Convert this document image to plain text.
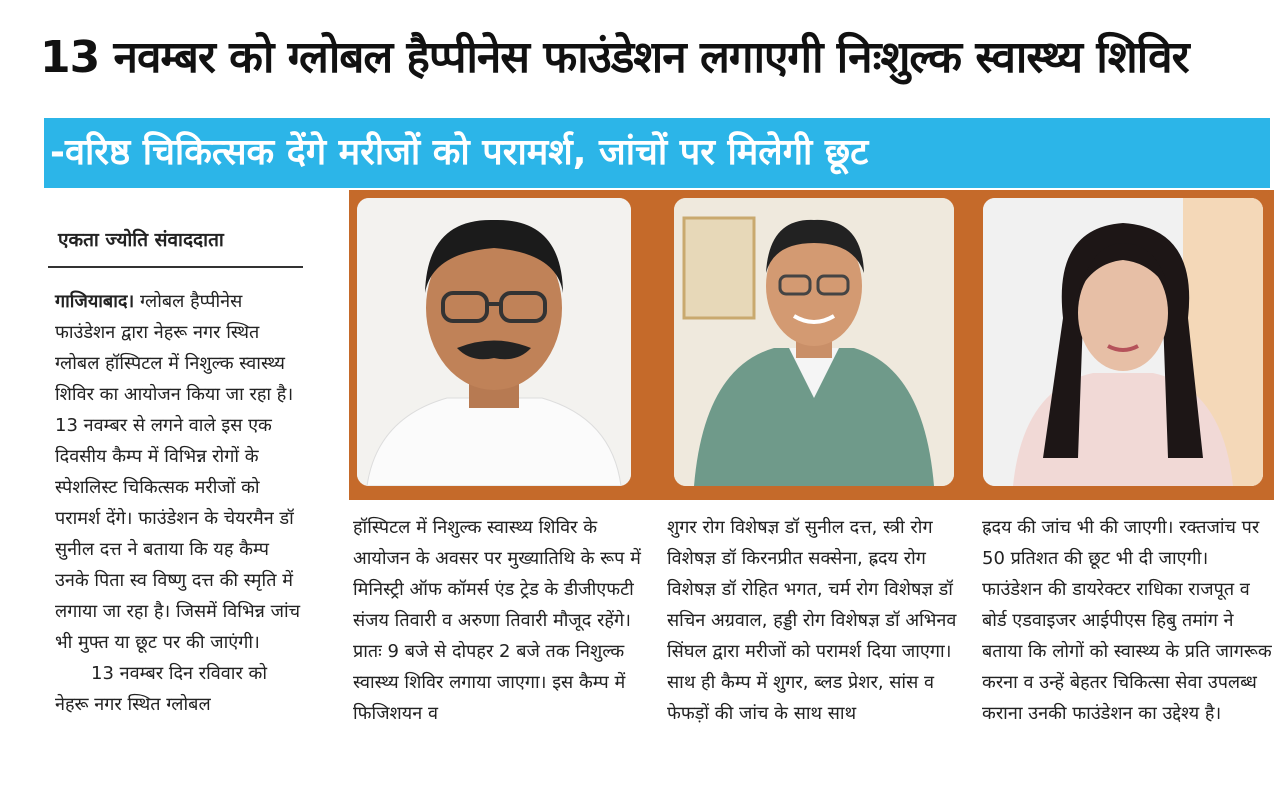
13 नवम्बर को ग्लोबल हैप्पीनेस फाउंडेशन लगाएगी निःशुल्क स्वास्थ्य शिविर
-वरिष्ठ चिकित्सक देंगे मरीजों को परामर्श, जांचों पर मिलेगी छूट
एकता ज्योति संवाददाता

गाजियाबाद। ग्लोबल हैप्पीनेस फाउंडेशन द्वारा नेहरू नगर स्थित ग्लोबल हॉस्पिटल में निशुल्क स्वास्थ्य शिविर का आयोजन किया जा रहा है। 13 नवम्बर से लगने वाले इस एक दिवसीय कैम्प में विभिन्न रोगों के स्पेशलिस्ट चिकित्सक मरीजों को परामर्श देंगे। फाउंडेशन के चेयरमैन डॉ सुनील दत्त ने बताया कि यह कैम्प उनके पिता स्व विष्णु दत्त की स्मृति में लगाया जा रहा है। जिसमें विभिन्न जांच भी मुफ्त या छूट पर की जाएंगी।

13 नवम्बर दिन रविवार को नेहरू नगर स्थित ग्लोबल

हॉस्पिटल में निशुल्क स्वास्थ्य शिविर के आयोजन के अवसर पर मुख्यातिथि के रूप में मिनिस्ट्री ऑफ कॉमर्स एंड ट्रेड के डीजीएफटी संजय तिवारी व अरुणा तिवारी मौजूद रहेंगे। प्रातः 9 बजे से दोपहर 2 बजे तक निशुल्क स्वास्थ्य शिविर लगाया जाएगा। इस कैम्प में फिजिशयन व

शुगर रोग विशेषज्ञ डॉ सुनील दत्त, स्त्री रोग विशेषज्ञ डॉ किरनप्रीत सक्सेना, ह्रदय रोग विशेषज्ञ डॉ रोहित भगत, चर्म रोग विशेषज्ञ डॉ सचिन अग्रवाल, हड्डी रोग विशेषज्ञ डॉ अभिनव सिंघल द्वारा मरीजों को परामर्श दिया जाएगा। साथ ही कैम्प में शुगर, ब्लड प्रेशर, सांस व फेफड़ों की जांच के साथ साथ

ह्रदय की जांच भी की जाएगी। रक्तजांच पर 50 प्रतिशत की छूट भी दी जाएगी। फाउंडेशन की डायरेक्टर राधिका राजपूत व बोर्ड एडवाइजर आईपीएस हिबु तमांग ने बताया कि लोगों को स्वास्थ्य के प्रति जागरूक करना व उन्हें बेहतर चिकित्सा सेवा उपलब्ध कराना उनकी फाउंडेशन का उद्देश्य है।
